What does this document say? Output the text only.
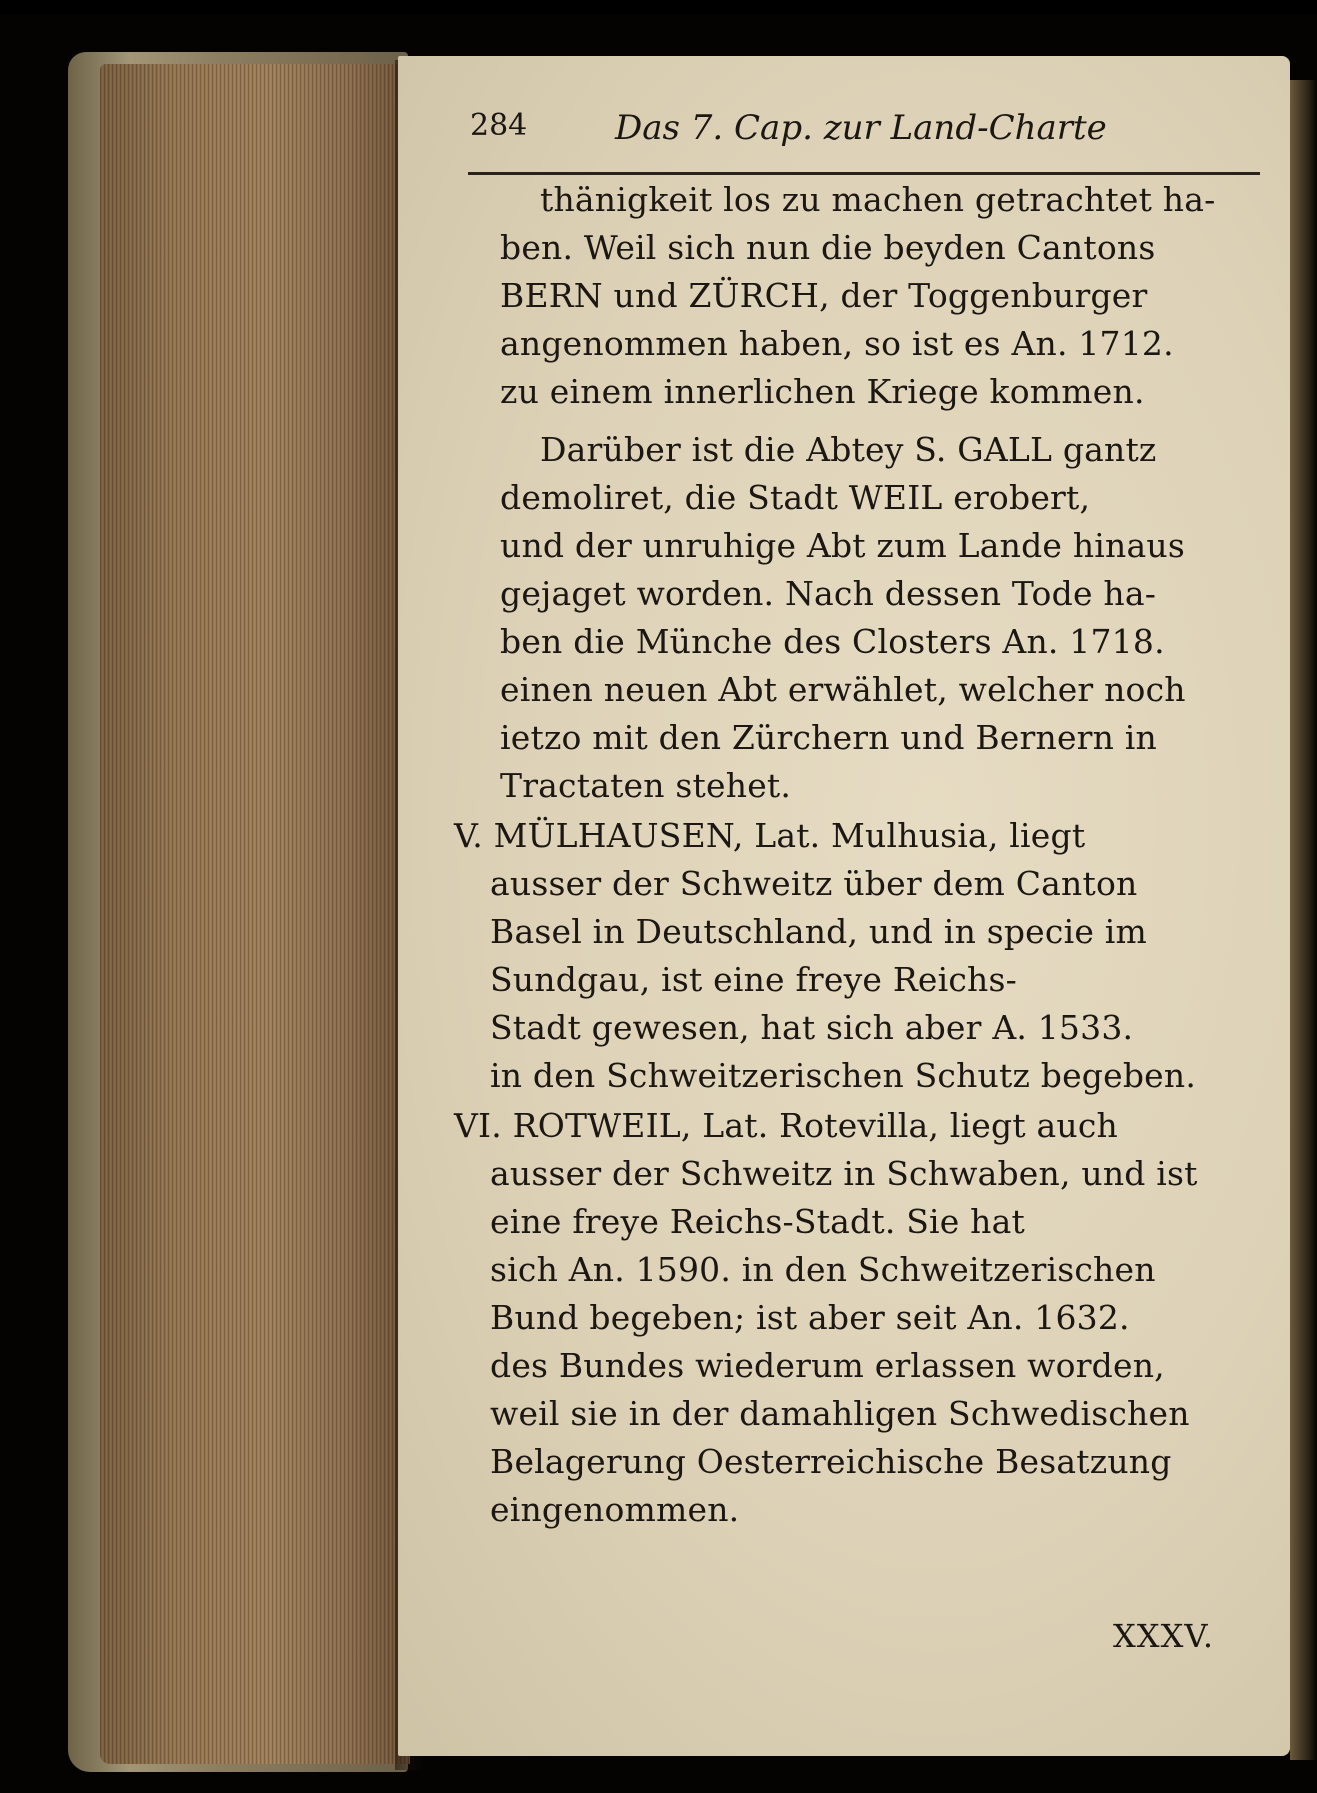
284	Das 7. Cap. zur Land-Charte
thänigkeit los zu machen getrachtet ha-
ben. Weil sich nun die beyden Cantons
BERN und ZÜRCH, der Toggenburger
angenommen haben, so ist es An. 1712.
zu einem innerlichen Kriege kommen.
Darüber ist die Abtey S. GALL gantz
demoliret, die Stadt WEIL erobert,
und der unruhige Abt zum Lande hinaus
gejaget worden. Nach dessen Tode ha-
ben die Münche des Closters An. 1718.
einen neuen Abt erwählet, welcher noch
ietzo mit den Zürchern und Bernern in
Tractaten stehet.
V. MÜLHAUSEN, Lat. Mulhusia, liegt
ausser der Schweitz über dem Canton
Basel in Deutschland, und in specie im
Sundgau, ist eine freye Reichs-
Stadt gewesen, hat sich aber A. 1533.
in den Schweitzerischen Schutz begeben.
VI. ROTWEIL, Lat. Rotevilla, liegt auch
ausser der Schweitz in Schwaben, und ist
eine freye Reichs-Stadt. Sie hat
sich An. 1590. in den Schweitzerischen
Bund begeben; ist aber seit An. 1632.
des Bundes wiederum erlassen worden,
weil sie in der damahligen Schwedischen
Belagerung Oesterreichische Besatzung
eingenommen.
XXXV.
